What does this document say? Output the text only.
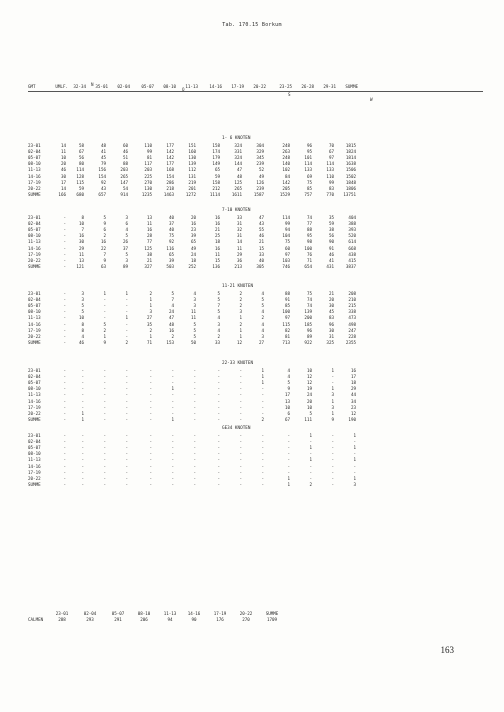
Tab. 170.15 Borkum

N

O

S

W

GMT	UMLF.	32-34	35-01	02-04	05-07	08-10	11-13	14-16	17-19	20-22	23-25	26-28	29-31	SUMME
1- 6 KNOTEN
23-01	14	58	48	60	110	177	151	158	324	304	248	96	70	1815
02-04	11	67	41	46	99	142	160	174	331	329	263	95	67	1824
05-07	10	56	45	51	81	142	130	179	324	345	248	101	97	1814
08-10	20	80	79	88	117	177	139	149	144	239	140	114	114	1638
11-13	46	114	156	203	203	168	112	65	47	52	102	133	133	1506
14-16	30	128	154	265	225	154	131	59	48	49	84	69	110	1502
17-19	17	115	92	147	270	286	219	158	125	126	142	75	99	1848
20-22	14	59	43	54	130	218	201	212	265	239	205	85	83	1806
SUMME	166	680	657	914	1235	1463	1272	1114	1611	1587	1529	757	770	13751
7-10 KNOTEN
23-01	-	8	5	3	13	40	20	16	33	47	114	74	35	404
02-04	-	10	9	6	11	37	16	16	31	43	99	77	59	388
05-07	-	7	6	4	16	40	23	21	32	55	94	88	38	393
08-10	-	16	2	5	28	75	39	25	31	46	104	95	56	520
11-13	-	30	16	26	77	92	65	18	14	21	75	98	90	614
14-16	-	29	22	37	125	116	49	16	11	15	60	100	91	668
17-19	-	11	7	5	38	65	24	11	29	33	97	76	46	438
20-22	-	13	9	3	21	39	18	15	36	40	103	71	41	415
SUMME	-	121	63	89	327	503	252	136	213	305	746	654	431	3837
11-21 KNOTEN
23-01	-	3	1	1	2	5	4	5	2	4	88	75	21	208
02-04	-	3	-	-	1	7	3	5	2	5	91	74	20	210
05-07	-	5	-	-	1	4	3	7	2	5	85	74	30	215
08-10	-	5	-	-	3	24	11	5	3	4	100	139	45	338
11-13	-	10	-	1	27	47	11	4	1	2	97	200	83	473
14-16	-	8	5	-	35	48	5	3	2	4	115	185	96	498
17-19	-	8	2	-	2	16	5	4	1	4	82	96	30	247
20-22	-	4	1	-	1	2	5	2	1	3	81	89	31	228
SUMME	-	46	9	2	71	153	50	33	12	27	713	922	325	2355
22-33 KNOTEN
23-01	-	-	-	-	-	-	-	-	-	1	4	10	1	16
02-04	-	-	-	-	-	-	-	-	-	1	4	12	-	17
05-07	-	-	-	-	-	-	-	-	-	1	5	12	-	18
08-10	-	-	-	-	-	1	-	-	-	-	9	19	1	29
11-13	-	-	-	-	-	-	-	-	-	-	17	24	3	44
14-16	-	-	-	-	-	-	-	-	-	-	13	20	1	34
17-19	-	-	-	-	-	-	-	-	-	-	10	10	3	23
20-22	-	1	-	-	-	-	-	-	-	-	6	5	1	12
SUMME	-	1	-	-	-	1	-	-	-	2	67	111	9	190
GE34 KNOTEN
23-01	-	-	-	-	-	-	-	-	-	-	-	1	-	1
02-04	-	-	-	-	-	-	-	-	-	-	-	-	-	-
05-07	-	-	-	-	-	-	-	-	-	-	-	1	-	1
08-10	-	-	-	-	-	-	-	-	-	-	-	-	-	-
11-13	-	-	-	-	-	-	-	-	-	-	-	1	-	1
14-16	-	-	-	-	-	-	-	-	-	-	-	-	-	-
17-19	-	-	-	-	-	-	-	-	-	-	-	-	-	-
20-22	-	-	-	-	-	-	-	-	-	-	1	-	-	1
SUMME	-	-	-	-	-	-	-	-	-	-	1	2	-	3
23-01	02-04	05-07	08-10	11-13	14-16	17-19	20-22	SUMME
CALMEN	288	293	291	206	94	90	176	270	1709
163
